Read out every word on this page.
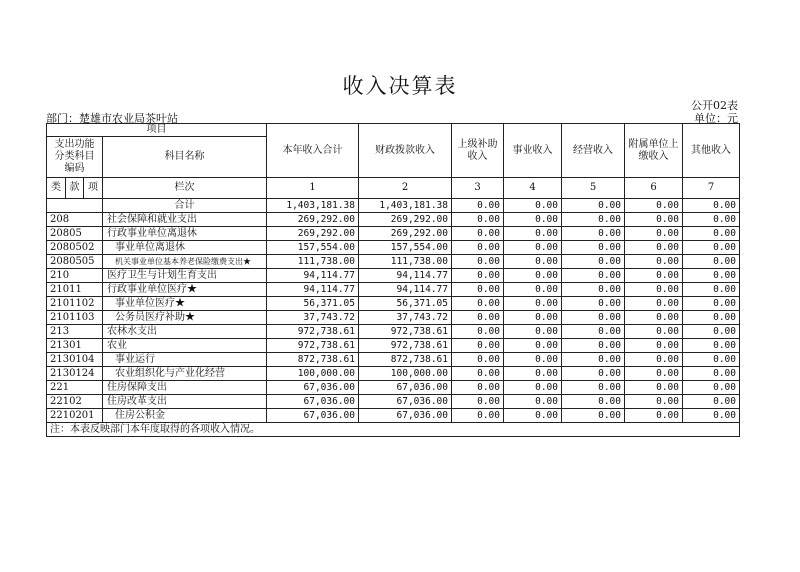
收入决算表
公开02表
部门：楚雄市农业局茶叶站	单位：元
项目				本年收入合计	财政拨款收入	上级补助收入	事业收入	经营收入	附属单位上缴收入	其他收入
支出功能分类科目编码			科目名称							
类	款	项								
			栏次	1	2	3	4	5	6	7
			合计	1,403,181.38	1,403,181.38	0.00	0.00	0.00	0.00	0.00
208			社会保障和就业支出	269,292.00	269,292.00	0.00	0.00	0.00	0.00	0.00
20805			行政事业单位离退休	269,292.00	269,292.00	0.00	0.00	0.00	0.00	0.00
2080502			事业单位离退休	157,554.00	157,554.00	0.00	0.00	0.00	0.00	0.00
2080505			机关事业单位基本养老保险缴费支出★	111,738.00	111,738.00	0.00	0.00	0.00	0.00	0.00
210			医疗卫生与计划生育支出	94,114.77	94,114.77	0.00	0.00	0.00	0.00	0.00
21011			行政事业单位医疗★	94,114.77	94,114.77	0.00	0.00	0.00	0.00	0.00
2101102			事业单位医疗★	56,371.05	56,371.05	0.00	0.00	0.00	0.00	0.00
2101103			公务员医疗补助★	37,743.72	37,743.72	0.00	0.00	0.00	0.00	0.00
213			农林水支出	972,738.61	972,738.61	0.00	0.00	0.00	0.00	0.00
21301			农业	972,738.61	972,738.61	0.00	0.00	0.00	0.00	0.00
2130104			事业运行	872,738.61	872,738.61	0.00	0.00	0.00	0.00	0.00
2130124			农业组织化与产业化经营	100,000.00	100,000.00	0.00	0.00	0.00	0.00	0.00
221			住房保障支出	67,036.00	67,036.00	0.00	0.00	0.00	0.00	0.00
22102			住房改革支出	67,036.00	67,036.00	0.00	0.00	0.00	0.00	0.00
2210201			住房公积金	67,036.00	67,036.00	0.00	0.00	0.00	0.00	0.00
注：本表反映部门本年度取得的各项收入情况。										
